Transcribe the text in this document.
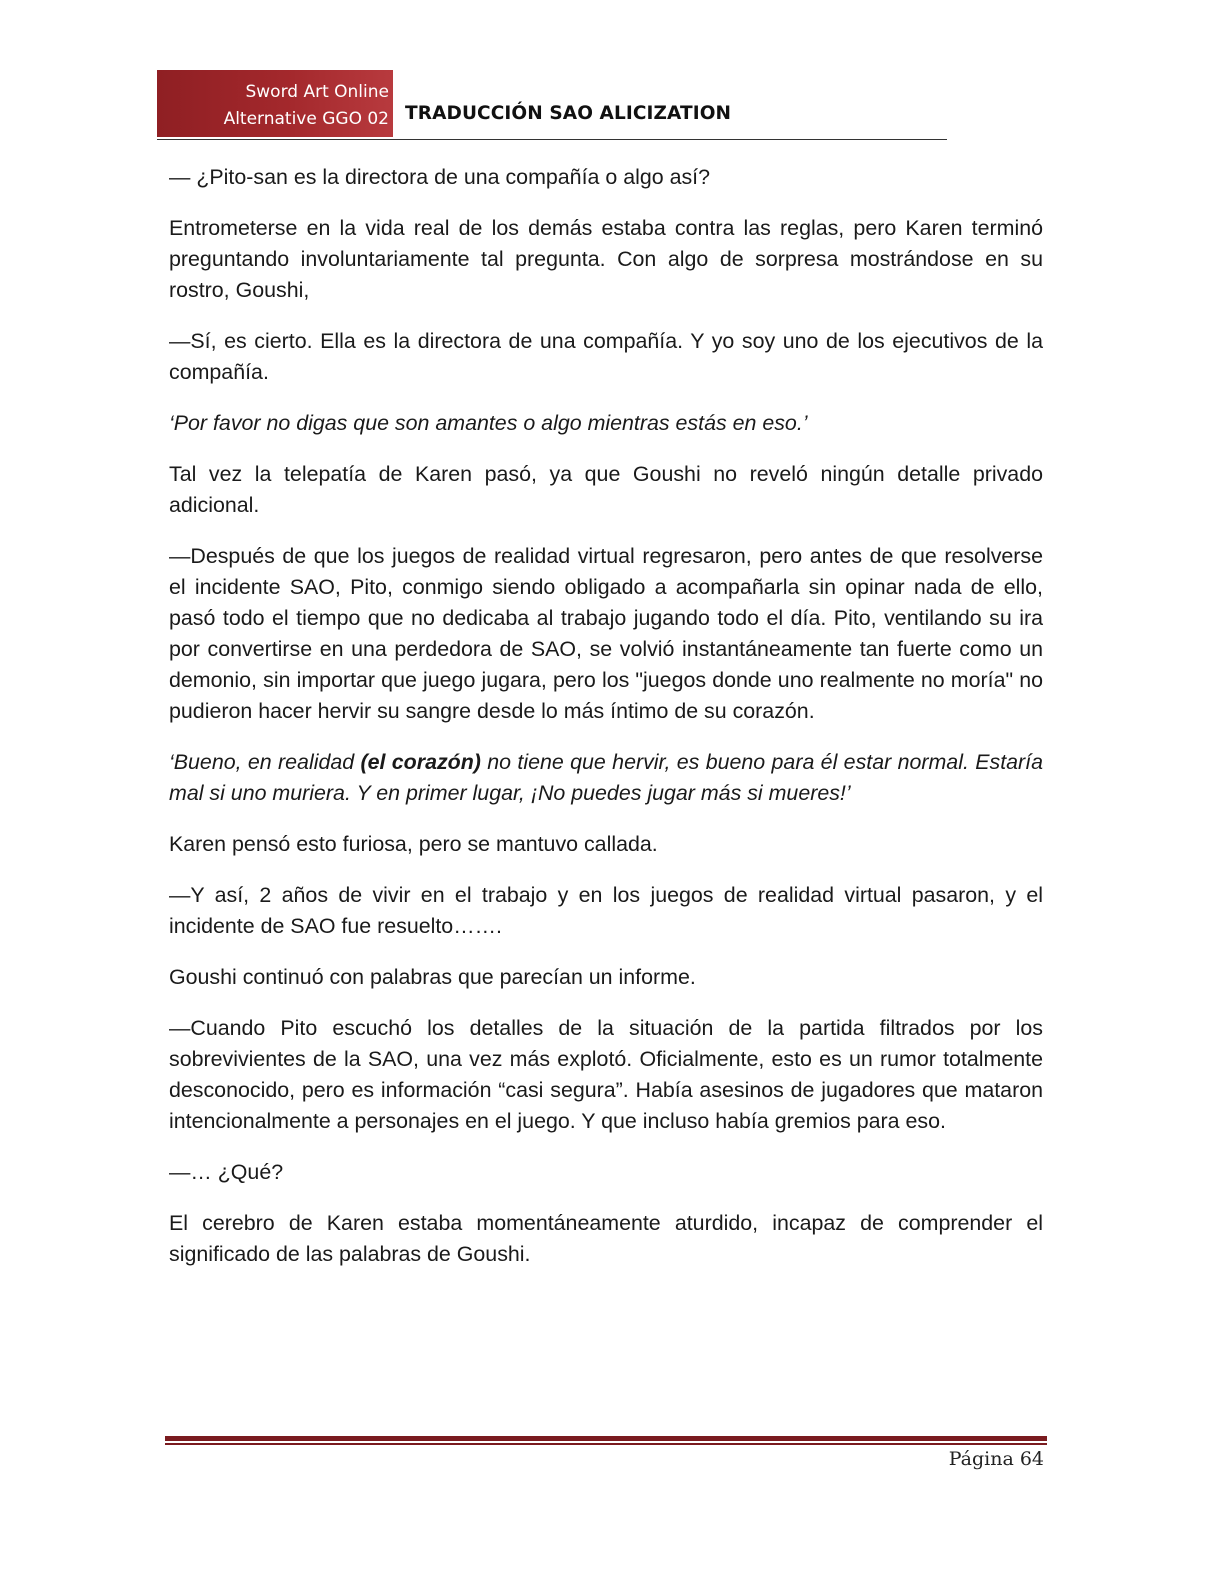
Sword Art Online
Alternative GGO 02 TRADUCCIÓN SAO ALICIZATION

— ¿Pito-san es la directora de una compañía o algo así?

Entrometerse en la vida real de los demás estaba contra las reglas, pero Karen terminó preguntando involuntariamente tal pregunta. Con algo de sorpresa mostrándose en su rostro, Goushi,

—Sí, es cierto. Ella es la directora de una compañía. Y yo soy uno de los ejecutivos de la compañía.

‘Por favor no digas que son amantes o algo mientras estás en eso.’

Tal vez la telepatía de Karen pasó, ya que Goushi no reveló ningún detalle privado adicional.

—Después de que los juegos de realidad virtual regresaron, pero antes de que resolverse el incidente SAO, Pito, conmigo siendo obligado a acompañarla sin opinar nada de ello, pasó todo el tiempo que no dedicaba al trabajo jugando todo el día. Pito, ventilando su ira por convertirse en una perdedora de SAO, se volvió instantáneamente tan fuerte como un demonio, sin importar que juego jugara, pero los "juegos donde uno realmente no moría" no pudieron hacer hervir su sangre desde lo más íntimo de su corazón.

‘Bueno, en realidad (el corazón) no tiene que hervir, es bueno para él estar normal. Estaría mal si uno muriera. Y en primer lugar, ¡No puedes jugar más si mueres!’

Karen pensó esto furiosa, pero se mantuvo callada.

—Y así, 2 años de vivir en el trabajo y en los juegos de realidad virtual pasaron, y el incidente de SAO fue resuelto…….

Goushi continuó con palabras que parecían un informe.

—Cuando Pito escuchó los detalles de la situación de la partida filtrados por los sobrevivientes de la SAO, una vez más explotó. Oficialmente, esto es un rumor totalmente desconocido, pero es información “casi segura”. Había asesinos de jugadores que mataron intencionalmente a personajes en el juego. Y que incluso había gremios para eso.

—… ¿Qué?

El cerebro de Karen estaba momentáneamente aturdido, incapaz de comprender el significado de las palabras de Goushi.

Página 64
